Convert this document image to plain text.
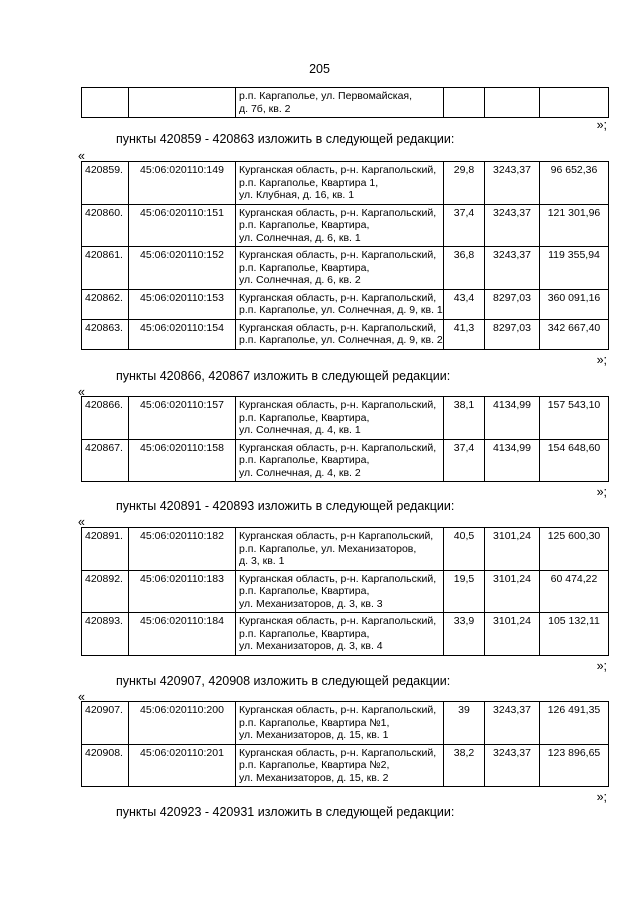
205

р.п. Каргаполье, ул. Первомайская,
д. 7б, кв. 2

»;
пункты 420859 - 420863 изложить в следующей редакции:
«
420859.	45:06:020110:149	Курганская область, р-н. Каргапольский,
р.п. Каргаполье, Квартира 1,
ул. Клубная, д. 16, кв. 1	29,8	3243,37	96 652,36
420860.	45:06:020110:151	Курганская область, р-н. Каргапольский,
р.п. Каргаполье, Квартира,
ул. Солнечная, д. 6, кв. 1	37,4	3243,37	121 301,96
420861.	45:06:020110:152	Курганская область, р-н. Каргапольский,
р.п. Каргаполье, Квартира,
ул. Солнечная, д. 6, кв. 2	36,8	3243,37	119 355,94
420862.	45:06:020110:153	Курганская область, р-н. Каргапольский,
р.п. Каргаполье, ул. Солнечная, д. 9, кв. 1	43,4	8297,03	360 091,16
420863.	45:06:020110:154	Курганская область, р-н. Каргапольский,
р.п. Каргаполье, ул. Солнечная, д. 9, кв. 2	41,3	8297,03	342 667,40
»;
пункты 420866, 420867 изложить в следующей редакции:
«
420866.	45:06:020110:157	Курганская область, р-н. Каргапольский,
р.п. Каргаполье, Квартира,
ул. Солнечная, д. 4, кв. 1	38,1	4134,99	157 543,10
420867.	45:06:020110:158	Курганская область, р-н. Каргапольский,
р.п. Каргаполье, Квартира,
ул. Солнечная, д. 4, кв. 2	37,4	4134,99	154 648,60
»;
пункты 420891 - 420893 изложить в следующей редакции:
«
420891.	45:06:020110:182	Курганская область, р-н Каргапольский,
р.п. Каргаполье, ул. Механизаторов,
д. 3, кв. 1	40,5	3101,24	125 600,30
420892.	45:06:020110:183	Курганская область, р-н. Каргапольский,
р.п. Каргаполье, Квартира,
ул. Механизаторов, д. 3, кв. 3	19,5	3101,24	60 474,22
420893.	45:06:020110:184	Курганская область, р-н. Каргапольский,
р.п. Каргаполье, Квартира,
ул. Механизаторов, д. 3, кв. 4	33,9	3101,24	105 132,11
»;
пункты 420907, 420908 изложить в следующей редакции:
«
420907.	45:06:020110:200	Курганская область, р-н. Каргапольский,
р.п. Каргаполье, Квартира №1,
ул. Механизаторов, д. 15, кв. 1	39	3243,37	126 491,35
420908.	45:06:020110:201	Курганская область, р-н. Каргапольский,
р.п. Каргаполье, Квартира №2,
ул. Механизаторов, д. 15, кв. 2	38,2	3243,37	123 896,65
»;
пункты 420923 - 420931 изложить в следующей редакции:
